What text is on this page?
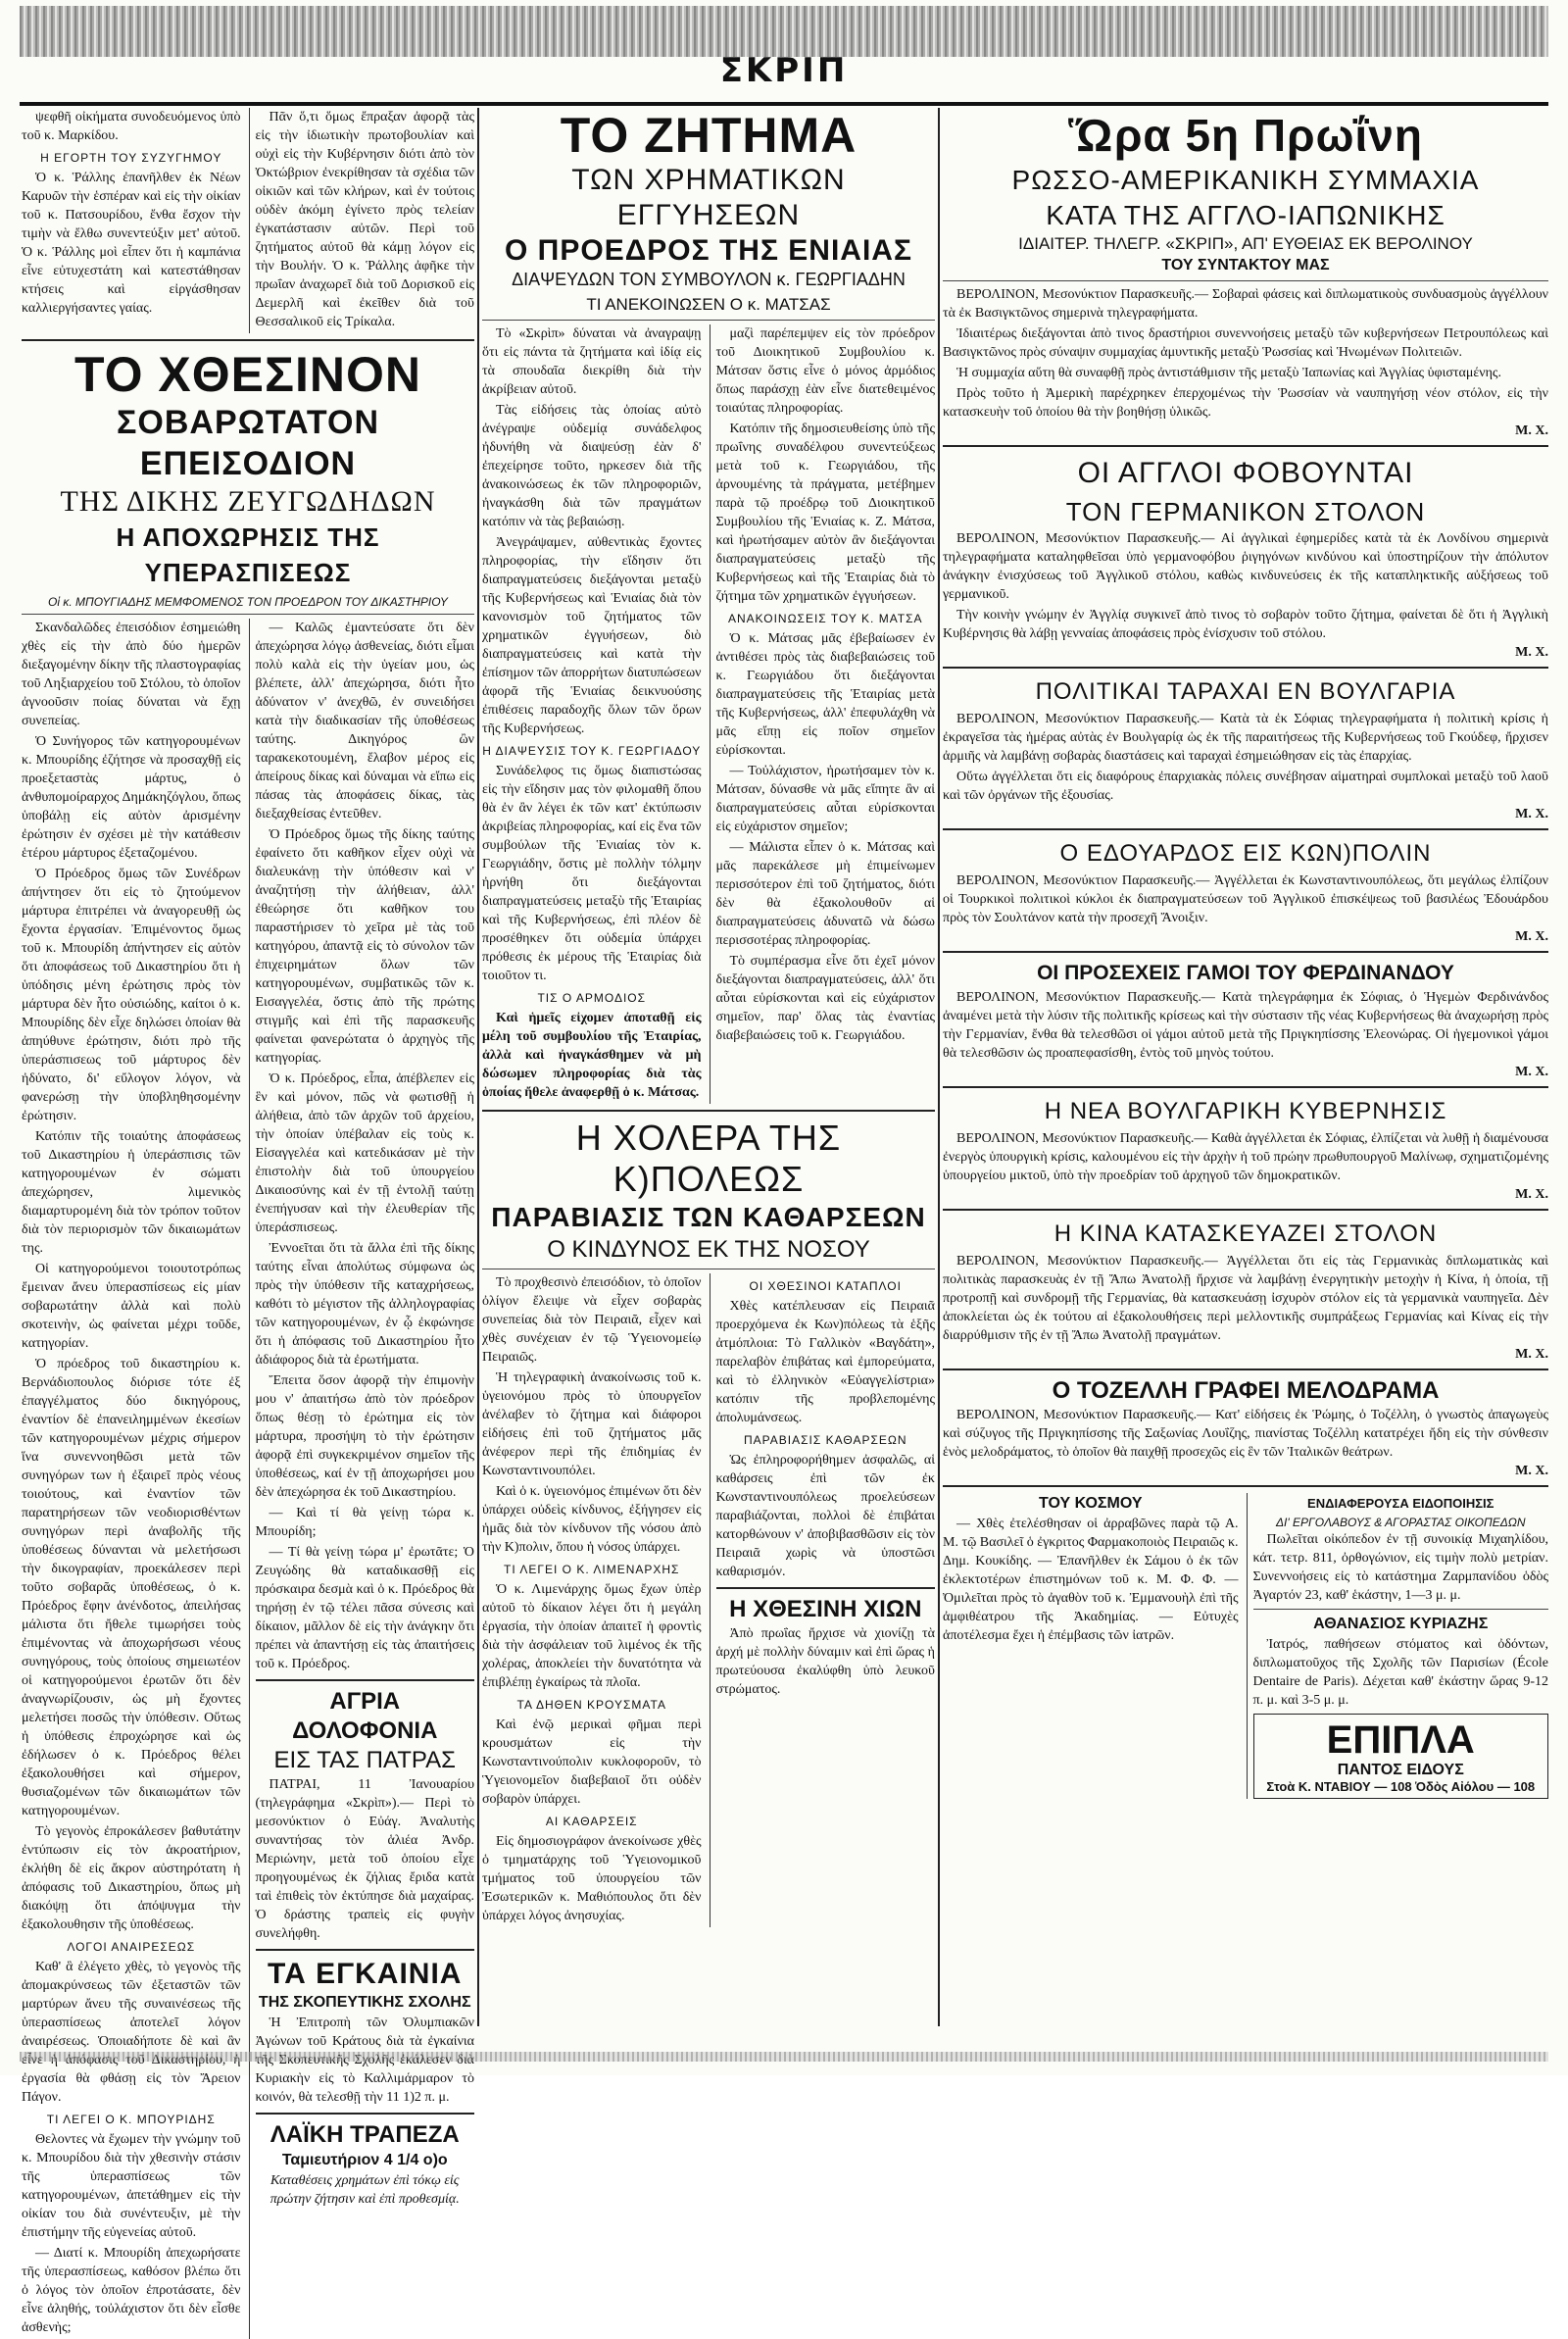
ΣΚΡΙΠ

ψεφθῆ οἰκήματα συνοδευόμενος ὑπὸ τοῦ κ. Μαρκίδου.

Η ΕΓΟΡΤΗ ΤΟΥ ΣΥΖΥΓΗΜΟΥ

Ὁ κ. Ῥάλλης ἐπανῆλθεν ἐκ Νέων Καρυῶν τὴν ἑσπέραν καὶ εἰς τὴν οἰκίαν τοῦ κ. Πατσουρίδου, ἔνθα ἔσχον τὴν τιμὴν νὰ ἔλθω συνεντεύξιν μετ' αὐτοῦ. Ὁ κ. Ῥάλλης μοὶ εἶπεν ὅτι ἡ καμπάνια εἶνε εὐτυχεστάτη καὶ κατεστάθησαν κτήσεις καὶ εἰργάσθησαν καλλιεργήσαντες γαίας.

Πᾶν ὅ,τι ὅμως ἔπραξαν ἀφορᾷ τὰς εἰς τὴν ἰδιωτικὴν πρωτοβουλίαν καὶ οὐχὶ εἰς τὴν Κυβέρνησιν διότι ἀπὸ τὸν Ὀκτώβριον ἐνεκρίθησαν τὰ σχέδια τῶν οἰκιῶν καὶ τῶν κλήρων, καὶ ἐν τούτοις οὐδὲν ἀκόμη ἐγίνετο πρὸς τελείαν ἐγκατάστασιν αὐτῶν. Περὶ τοῦ ζητήματος αὐτοῦ θὰ κάμῃ λόγον εἰς τὴν Βουλήν. Ὁ κ. Ῥάλλης ἀφῆκε τὴν πρωΐαν ἀναχωρεῖ διὰ τοῦ Δορισκοῦ εἰς Δεμερλῆ καὶ ἐκεῖθεν διὰ τοῦ Θεσσαλικοῦ εἰς Τρίκαλα.

ΤΟ ΧΘΕΣΙΝΟΝ
ΣΟΒΑΡΩΤΑΤΟΝ ΕΠΕΙΣΟΔΙΟΝ
ΤΗΣ ΔΙΚΗΣ ΖΕΥΓΩΔΗΔΩΝ
Η ΑΠΟΧΩΡΗΣΙΣ ΤΗΣ ΥΠΕΡΑΣΠΙΣΕΩΣ
Οἱ κ. ΜΠΟΥΓΙΑΔΗΣ ΜΕΜΦΟΜΕΝΟΣ ΤΟΝ ΠΡΟΕΔΡΟΝ ΤΟΥ ΔΙΚΑΣΤΗΡΙΟΥ

Σκανδαλῶδες ἐπεισόδιον ἐσημειώθη χθὲς εἰς τὴν ἀπὸ δύο ἡμερῶν διεξαγομένην δίκην τῆς πλαστογραφίας τοῦ Ληξιαρχείου τοῦ Στόλου, τὸ ὁποῖον ἀγνοοῦσιν ποίας δύναται νὰ ἔχῃ συνεπείας.

Ὁ Συνήγορος τῶν κατηγορουμένων κ. Μπουρίδης ἐζήτησε νὰ προσαχθῇ εἰς προεξεταστὰς μάρτυς, ὁ ἀνθυπομοίραρχος Δημάκηζόγλου, ὅπως ὑποβάλῃ εἰς αὐτὸν ἀρισμένην ἐρώτησιν ἐν σχέσει μὲ τὴν κατάθεσιν ἑτέρου μάρτυρος ἐξεταζομένου.

Ὁ Πρόεδρος ὅμως τῶν Συνέδρων ἀπήντησεν ὅτι εἰς τὸ ζητούμενον μάρτυρα ἐπιτρέπει νὰ ἀναγορευθῇ ὡς ἔχοντα ἐργασίαν. Ἐπιμένοντος ὅμως τοῦ κ. Μπουρίδη ἀπήντησεν εἰς αὐτὸν ὅτι ἀποφάσεως τοῦ Δικαστηρίου ὅτι ἡ ὑπόδησις μένη ἐρώτησις πρὸς τὸν μάρτυρα δὲν ἦτο οὐσιώδης, καίτοι ὁ κ. Μπουρίδης δὲν εἶχε δηλώσει ὁποίαν θὰ ἀπηύθυνε ἐρώτησιν, διότι πρὸ τῆς ὑπεράσπισεως τοῦ μάρτυρος δὲν ἠδύνατο, δι' εὔλογον λόγον, νὰ φανερώσῃ τὴν ὑποβληθησομένην ἐρώτησιν.

Κατόπιν τῆς τοιαύτης ἀποφάσεως τοῦ Δικαστηρίου ἡ ὑπεράσπισις τῶν κατηγορουμένων ἐν σώματι ἀπεχώρησεν, λιμενικὸς διαμαρτυρομένη διὰ τὸν τρόπον τοῦτον διὰ τὸν περιορισμὸν τῶν δικαιωμάτων της.

Οἱ κατηγορούμενοι τοιουτοτρόπως ἔμειναν ἄνευ ὑπερασπίσεως εἰς μίαν σοβαρωτάτην ἀλλὰ καὶ πολὺ σκοτεινὴν, ὡς φαίνεται μέχρι τοῦδε, κατηγορίαν.

Ὁ πρόεδρος τοῦ δικαστηρίου κ. Βερνάδιοπουλος διόρισε τότε ἐξ ἐπαγγέλματος δύο δικηγόρους, ἐναντίον δὲ ἐπανειλημμένων ἐκεσίων τῶν κατηγορουμένων μέχρις σήμερον ἵνα συνεννοηθῶσι μετὰ τῶν συνηγόρων των ἡ ἐξαιρεῖ πρὸς νέους τοιούτους, καὶ ἐναντίον τῶν παρατηρήσεων τῶν νεοδιορισθέντων συνηγόρων περὶ ἀναβολῆς τῆς ὑποθέσεως δύνανται νὰ μελετήσωσι τὴν δικογραφίαν, προεκάλεσεν περὶ τοῦτο σοβαρᾶς ὑποθέσεως, ὁ κ. Πρόεδρος ἔφην ἀνένδοτος, ἀπειλήσας μάλιστα ὅτι ἤθελε τιμωρήσει τοὺς ἐπιμένοντας νὰ ἀποχωρήσωσι νέους συνηγόρους, τοὺς ὁποίους σημειωτέον οἱ κατηγορούμενοι ἐρωτῶν ὅτι δὲν ἀναγνωρίζουσιν, ὡς μὴ ἔχοντες μελετήσει ποσῶς τὴν ὑπόθεσιν. Οὕτως ἡ ὑπόθεσις ἐπροχώρησε καὶ ὡς ἐδήλωσεν ὁ κ. Πρόεδρος θέλει ἐξακολουθήσει καὶ σήμερον, θυσιαζομένων τῶν δικαιωμάτων τῶν κατηγορουμένων.

Τὸ γεγονὸς ἐπροκάλεσεν βαθυτάτην ἐντύπωσιν εἰς τὸν ἀκροατήριον, ἐκλήθη δὲ εἰς ἄκρον αὐστηρότατη ἡ ἀπόφασις τοῦ Δικαστηρίου, ὅπως μὴ διακόψῃ ὅτι ἀπόψυγμα τὴν ἐξακολουθησιν τῆς ὑποθέσεως.

ΛΟΓΟΙ ΑΝΑΙΡΕΣΕΩΣ

Καθ' ἃ ἐλέγετο χθὲς, τὸ γεγονὸς τῆς ἀπομακρύνσεως τῶν ἐξεταστῶν τῶν μαρτύρων ἄνευ τῆς συναινέσεως τῆς ὑπερασπίσεως ἀποτελεῖ λόγον ἀναιρέσεως. Ὁποιαδήποτε δὲ καὶ ἂν εἶνε ἡ ἀπόφασις τοῦ Δικαστηρίου, ἡ ἐργασία θὰ φθάσῃ εἰς τὸν Ἄρειον Πάγον.

ΤΙ ΛΕΓΕΙ Ο Κ. ΜΠΟΥΡΙΔΗΣ

Θελοντες νὰ ἔχωμεν τὴν γνώμην τοῦ κ. Μπουρίδου διὰ τὴν χθεσινὴν στάσιν τῆς ὑπερασπίσεως τῶν κατηγορουμένων, ἀπετάθημεν εἰς τὴν οἰκίαν του διὰ συνέντευξιν, μὲ τὴν ἐπιστήμην τῆς εὐγενείας αὐτοῦ.

— Διατί κ. Μπουρίδη ἀπεχωρήσατε τῆς ὑπερασπίσεως, καθόσον βλέπω ὅτι ὁ λόγος τὸν ὁποῖον ἐπροτάσατε, δὲν εἶνε ἀληθής, τοὐλάχιστον ὅτι δὲν εἶσθε ἀσθενὴς;

— Καλῶς ἐμαντεύσατε ὅτι δὲν ἀπεχώρησα λόγῳ ἀσθενείας, διότι εἶμαι πολὺ καλὰ εἰς τὴν ὑγείαν μου, ὡς βλέπετε, ἀλλ' ἀπεχώρησα, διότι ἦτο ἀδύνατον ν' ἀνεχθῶ, ἐν συνειδήσει κατὰ τὴν διαδικασίαν τῆς ὑποθέσεως ταύτης. Δικηγόρος ὢν ταρακεκοτουμένη, ἔλαβον μέρος εἰς ἀπείρους δίκας καὶ δύναμαι νὰ εἴπω εἰς πάσας τὰς ἀποφάσεις δίκας, τὰς διεξαχθείσας ἐντεῦθεν.

Ὁ Πρόεδρος ὅμως τῆς δίκης ταύτης ἐφαίνετο ὅτι καθῆκον εἶχεν οὐχὶ νὰ διαλευκάνῃ τὴν ὑπόθεσιν καὶ ν' ἀναζητήσῃ τὴν ἀλήθειαν, ἀλλ' ἐθεώρησε ὅτι καθῆκον του παραστήρισεν τὸ χεῖρα μὲ τὰς τοῦ κατηγόρου, ἀπαντᾷ εἰς τὸ σύνολον τῶν ἐπιχειρημάτων ὅλων τῶν κατηγορουμένων, συμβατικῶς τῶν κ. Εισαγγελέα, ὅστις ἀπὸ τῆς πρώτης στιγμῆς καὶ ἐπὶ τῆς παρασκευῆς φαίνεται φανερώτατα ὁ ἀρχηγὸς τῆς κατηγορίας.

Ὁ κ. Πρόεδρος, εἶπα, ἀπέβλεπεν εἰς ἓν καὶ μόνον, πῶς νὰ φωτισθῇ ἡ ἀλήθεια, ἀπὸ τῶν ἀρχῶν τοῦ ἀρχείου, τὴν ὁποίαν ὑπέβαλαν εἰς τοὺς κ. Εἰσαγγελέα καὶ κατεδικάσαν μὲ τὴν ἐπιστολὴν διὰ τοῦ ὑπουργείου Δικαιοσύνης καὶ ἐν τῇ ἐντολῇ ταύτῃ ἐνεπήγυσαν καὶ τὴν ἐλευθερίαν τῆς ὑπεράσπισεως.

Ἐννοεῖται ὅτι τὰ ἄλλα ἐπὶ τῆς δίκης ταύτης εἶναι ἀπολύτως σύμφωνα ὡς πρὸς τὴν ὑπόθεσιν τῆς καταχρήσεως, καθότι τὸ μέγιστον τῆς ἀλληλογραφίας τῶν κατηγορουμένων, ἐν ᾧ ἐκφώνησε ὅτι ἡ ἀπόφασις τοῦ Δικαστηρίου ἦτο ἀδιάφορος διὰ τὰ ἐρωτήματα.

Ἔπειτα ὅσον ἀφορᾷ τὴν ἐπιμονὴν μου ν' ἀπαιτήσω ἀπὸ τὸν πρόεδρον ὅπως θέσῃ τὸ ἐρώτημα εἰς τὸν μάρτυρα, προσήψη τὸ τὴν ἐρώτησιν ἀφορᾷ ἐπὶ συγκεκριμένον σημεῖον τῆς ὑποθέσεως, καί ἐν τῇ ἀποχωρήσει μου δὲν ἀπεχώρησα ἐκ τοῦ Δικαστηρίου.

— Καὶ τί θὰ γείνῃ τώρα κ. Μπουρίδη;

— Τί θὰ γείνῃ τώρα μ' ἐρωτᾶτε; Ὁ Ζευγώδης θὰ καταδικασθῇ εἰς πρόσκαιρα δεσμὰ καὶ ὁ κ. Πρόεδρος θὰ τηρήσῃ ἐν τῷ τέλει πᾶσα σύνεσις καὶ δίκαιον, μᾶλλον δὲ εἰς τὴν ἀνάγκην ὅτι πρέπει νὰ ἀπαντήσῃ εἰς τὰς ἀπαιτήσεις τοῦ κ. Πρόεδρος.

ΑΓΡΙΑ ΔΟΛΟΦΟΝΙΑ
ΕΙΣ ΤΑΣ ΠΑΤΡΑΣ

ΠΑΤΡΑΙ, 11 Ἰανουαρίου (τηλεγράφημα «Σκρὶπ»).— Περὶ τὸ μεσονύκτιον ὁ Εὐάγ. Ἀναλυτὴς συναντήσας τὸν ἁλιέα Ἀνδρ. Μεριώνην, μετὰ τοῦ ὁποίου εἶχε προηγουμένως ἐκ ζήλιας ἔριδα κατὰ ταὶ ἐπιθεὶς τὸν ἐκτύπησε διὰ μαχαίρας. Ὁ δράστης τραπεὶς εἰς φυγὴν συνελήφθη.

ΤΑ ΕΓΚΑΙΝΙΑ
ΤΗΣ ΣΚΟΠΕΥΤΙΚΗΣ ΣΧΟΛΗΣ

Ἡ Ἐπιτροπὴ τῶν Ὀλυμπιακῶν Ἀγώνων τοῦ Κράτους διὰ τὰ ἐγκαίνια τῆς Σκοπευτικῆς Σχολῆς ἐκάλεσεν διὰ Κυριακὴν εἰς τὸ Καλλιμάρμαρον τὸ κοινόν, θὰ τελεσθῇ τὴν 11 1)2 π. μ.

ΛΑΪΚΗ ΤΡΑΠΕΖΑ
Ταμιευτήριον 4 1/4 ο)ο

Καταθέσεις χρημάτων ἐπὶ τόκῳ εἰς πρώτην ζήτησιν καὶ ἐπὶ προθεσμίᾳ.

ΤΟ ΖΗΤΗΜΑ
ΤΩΝ ΧΡΗΜΑΤΙΚΩΝ ΕΓΓΥΗΣΕΩΝ
Ο ΠΡΟΕΔΡΟΣ ΤΗΣ ΕΝΙΑΙΑΣ
ΔΙΑΨΕΥΔΩΝ ΤΟΝ ΣΥΜΒΟΥΛΟΝ κ. ΓΕΩΡΓΙΑΔΗΝ
ΤΙ ΑΝΕΚΟΙΝΩΣΕΝ Ο κ. ΜΑΤΣΑΣ

Τὸ «Σκρὶπ» δύναται νὰ ἀναγραψῃ ὅτι εἰς πάντα τὰ ζητήματα καὶ ἰδίᾳ εἰς τὰ σπουδαῖα διεκρίθη διὰ τὴν ἀκρίβειαν αὐτοῦ.

Τὰς εἰδήσεις τὰς ὁποίας αὐτὸ ἀνέγραψε οὐδεμίᾳ συνάδελφος ἠδυνήθη νὰ διαψεύσῃ ἐὰν δ' ἐπεχείρησε τοῦτο, ηρκεσεν διὰ τῆς ἀνακοινώσεως ἐκ τῶν πληροφοριῶν, ἠναγκάσθη διὰ τῶν πραγμάτων κατόπιν νὰ τὰς βεβαιώσῃ.

Ἀνεγράψαμεν, αὐθεντικὰς ἔχοντες πληροφορίας, τὴν εἴδησιν ὅτι διαπραγματεύσεις διεξάγονται μεταξὺ τῆς Κυβερνήσεως καὶ Ἑνιαίας διὰ τὸν κανονισμὸν τοῦ ζητήματος τῶν χρηματικῶν ἐγγυήσεων, διὸ διαπραγματεύσεις καὶ κατὰ τὴν ἐπίσημον τῶν ἀπορρήτων διατυπώσεων ἀφορᾶ τῆς Ἑνιαίας δεικνυούσης ἐπιθέσεις παραδοχῆς ὅλων τῶν ὅρων τῆς Κυβερνήσεως.

Η ΔΙΑΨΕΥΣΙΣ ΤΟΥ Κ. ΓΕΩΡΓΙΑΔΟΥ

Συνάδελφος τις ὅμως διαπιστώσας εἰς τὴν εἴδησιν μας τὸν φιλομαθῆ ὅπου θὰ ἐν ἂν λέγει ἐκ τῶν κατ' ἐκτύπωσιν ἀκριβείας πληροφορίας, καί εἰς ἕνα τῶν συμβούλων τῆς Ἑνιαίας τὸν κ. Γεωργιάδην, ὅστις μὲ πολλὴν τόλμην ἠρνήθη ὅτι διεξάγονται διαπραγματεύσεις μεταξὺ τῆς Ἑταιρίας καὶ τῆς Κυβερνήσεως, ἐπὶ πλέον δὲ προσέθηκεν ὅτι οὐδεμία ὑπάρχει πρόθεσις ἐκ μέρους τῆς Ἑταιρίας διὰ τοιοῦτον τι.

ΤΙΣ Ο ΑΡΜΟΔΙΟΣ

Καὶ ἡμεῖς εἰχομεν ἀποταθῇ εἰς μέλη τοῦ συμβουλίου τῆς Ἑταιρίας, ἀλλὰ καὶ ἠναγκάσθημεν νὰ μὴ δώσωμεν πληροφορίας διὰ τὰς ὁποίας ἤθελε ἀναφερθῇ ὁ κ. Μάτσας.

μαζὶ παρέπεμψεν εἰς τὸν πρόεδρον τοῦ Διοικητικοῦ Συμβουλίου κ. Μάτσαν ὅστις εἶνε ὁ μόνος ἁρμόδιος ὅπως παράσχῃ ἐὰν εἶνε διατεθειμένος τοιαύτας πληροφορίας.

Κατόπιν τῆς δημοσιευθείσης ὑπὸ τῆς πρωΐνης συναδέλφου συνεντεύξεως μετὰ τοῦ κ. Γεωργιάδου, τῆς ἀρνουμένης τὰ πράγματα, μετέβημεν παρὰ τῷ προέδρῳ τοῦ Διοικητικοῦ Συμβουλίου τῆς Ἑνιαίας κ. Ζ. Μάτσα, καὶ ἠρωτήσαμεν αὐτὸν ἂν διεξάγονται διαπραγματεύσεις μεταξὺ τῆς Κυβερνήσεως καὶ τῆς Ἑταιρίας διὰ τὸ ζήτημα τῶν χρηματικῶν ἐγγυήσεων.

ΑΝΑΚΟΙΝΩΣΕΙΣ ΤΟΥ Κ. ΜΑΤΣΑ

Ὁ κ. Μάτσας μᾶς ἐβεβαίωσεν ἐν ἀντιθέσει πρὸς τὰς διαβεβαιώσεις τοῦ κ. Γεωργιάδου ὅτι διεξάγονται διαπραγματεύσεις τῆς Ἑταιρίας μετὰ τῆς Κυβερνήσεως, ἀλλ' ἐπεφυλάχθη νὰ μᾶς εἴπῃ εἰς ποῖον σημεῖον εὑρίσκονται.

— Τοὐλάχιστον, ἠρωτήσαμεν τὸν κ. Μάτσαν, δύνασθε νὰ μᾶς εἴπητε ἂν αἱ διαπραγματεύσεις αὗται εὑρίσκονται εἰς εὐχάριστον σημεῖον;

— Μάλιστα εἶπεν ὁ κ. Μάτσας καὶ μᾶς παρεκάλεσε μὴ ἐπιμείνωμεν περισσότερον ἐπὶ τοῦ ζητήματος, διότι δὲν θὰ ἐξακολουθοῦν αἱ διαπραγματεύσεις ἀδυνατῶ νὰ δώσω περισσοτέρας πληροφορίας.

Τὸ συμπέρασμα εἶνε ὅτι ἐχεῖ μόνον διεξάγονται διαπραγματεύσεις, ἀλλ' ὅτι αὗται εὑρίσκονται καὶ εἰς εὐχάριστον σημεῖον, παρ' ὅλας τὰς ἐναντίας διαβεβαιώσεις τοῦ κ. Γεωργιάδου.

Η ΧΟΛΕΡΑ ΤΗΣ Κ)ΠΟΛΕΩΣ
ΠΑΡΑΒΙΑΣΙΣ ΤΩΝ ΚΑΘΑΡΣΕΩΝ
Ο ΚΙΝΔΥΝΟΣ ΕΚ ΤΗΣ ΝΟΣΟΥ

Τὸ προχθεσινὸ ἐπεισόδιον, τὸ ὁποῖον ὀλίγον ἔλειψε νὰ εἶχεν σοβαρὰς συνεπείας διὰ τὸν Πειραιᾶ, εἶχεν καὶ χθὲς συνέχειαν ἐν τῷ Ὑγειονομείῳ Πειραιῶς.

Ἡ τηλεγραφικὴ ἀνακοίνωσις τοῦ κ. ὑγειονόμου πρὸς τὸ ὑπουργεῖον ἀνέλαβεν τὸ ζήτημα καὶ διάφοροι εἰδήσεις ἐπὶ τοῦ ζητήματος μᾶς ἀνέφερον περὶ τῆς ἐπιδημίας ἐν Κωνσταντινουπόλει.

Καὶ ὁ κ. ὑγειονόμος ἐπιμένων ὅτι δὲν ὑπάρχει οὐδεὶς κίνδυνος, ἐξήγησεν εἰς ἡμᾶς διὰ τὸν κίνδυνον τῆς νόσου ἀπὸ τὴν Κ)πολιν, ὅπου ἡ νόσος ὑπάρχει.

ΤΙ ΛΕΓΕΙ Ο Κ. ΛΙΜΕΝΑΡΧΗΣ

Ὁ κ. Λιμενάρχης ὅμως ἔχων ὑπὲρ αὐτοῦ τὸ δίκαιον λέγει ὅτι ἡ μεγάλη ἐργασία, τὴν ὁποίαν ἀπαιτεῖ ἡ φροντὶς διὰ τὴν ἀσφάλειαν τοῦ λιμένος ἐκ τῆς χολέρας, ἀποκλείει τὴν δυνατότητα νὰ ἐπιβλέπῃ ἐγκαίρως τὰ πλοῖα.

ΤΑ ΔΗΘΕΝ ΚΡΟΥΣΜΑΤΑ

Καὶ ἐνῷ μερικαὶ φῆμαι περὶ κρουσμάτων εἰς τὴν Κωνσταντινούπολιν κυκλοφοροῦν, τὸ Ὑγειονομεῖον διαβεβαιοῖ ὅτι οὐδὲν σοβαρὸν ὑπάρχει.

ΑΙ ΚΑΘΑΡΣΕΙΣ

Εἰς δημοσιογράφον ἀνεκοίνωσε χθὲς ὁ τμηματάρχης τοῦ Ὑγειονομικοῦ τμήματος τοῦ ὑπουργείου τῶν Ἐσωτερικῶν κ. Μαθιόπουλος ὅτι δὲν ὑπάρχει λόγος ἀνησυχίας.

ΟΙ ΧΘΕΣΙΝΟΙ ΚΑΤΑΠΛΟΙ

Χθὲς κατέπλευσαν εἰς Πειραιᾶ προερχόμενα ἐκ Κων)πόλεως τὰ ἑξῆς ἀτμόπλοια: Τὸ Γαλλικὸν «Βαγδάτη», παρελαβὸν ἐπιβάτας καὶ ἐμπορεύματα, καὶ τὸ ἐλληνικὸν «Εὐαγγελίστρια» κατόπιν τῆς προβλεπομένης ἀπολυμάνσεως.

ΠΑΡΑΒΙΑΣΙΣ ΚΑΘΑΡΣΕΩΝ

Ὡς ἐπληροφορήθημεν ἀσφαλῶς, αἱ καθάρσεις ἐπὶ τῶν ἐκ Κωνσταντινουπόλεως προελεύσεων παραβιάζονται, πολλοὶ δὲ ἐπιβάται κατορθώνουν ν' ἀποβιβασθῶσιν εἰς τὸν Πειραιᾶ χωρὶς νὰ ὑποστῶσι καθαρισμόν.

Η ΧΘΕΣΙΝΗ ΧΙΩΝ

Ἀπὸ πρωΐας ἤρχισε νὰ χιονίζῃ τὰ ἁρχή μὲ πολλὴν δύναμιν καὶ ἐπὶ ὥρας ἡ πρωτεύουσα ἐκαλύφθη ὑπὸ λευκοῦ στρώματος.

Ὥρα 5η Πρωΐνη
ΡΩΣΣΟ-ΑΜΕΡΙΚΑΝΙΚΗ ΣΥΜΜΑΧΙΑ
ΚΑΤΑ ΤΗΣ ΑΓΓΛΟ-ΙΑΠΩΝΙΚΗΣ
ΙΔΙΑΙΤΕΡ. ΤΗΛΕΓΡ. «ΣΚΡΙΠ», ΑΠ' ΕΥΘΕΙΑΣ ΕΚ ΒΕΡΟΛΙΝΟΥ
ΤΟΥ ΣΥΝΤΑΚΤΟΥ ΜΑΣ

ΒΕΡΟΛΙΝΟΝ, Μεσονύκτιον Παρασκευῆς.— Σοβαραὶ φάσεις καὶ διπλωματικοὺς συνδυασμοὺς ἀγγέλλουν τὰ ἐκ Βασιγκτῶνος σημερινὰ τηλεγραφήματα.

Ἰδιαιτέρως διεξάγονται ἀπὸ τινος δραστήριοι συνεννοήσεις μεταξὺ τῶν κυβερνήσεων Πετρουπόλεως καὶ Βασιγκτῶνος πρὸς σύναψιν συμμαχίας ἀμυντικῆς μεταξὺ Ῥωσσίας καὶ Ἡνωμένων Πολιτειῶν.

Ἡ συμμαχία αὕτη θὰ συναφθῇ πρὸς ἀντιστάθμισιν τῆς μεταξὺ Ἰαπωνίας καὶ Ἀγγλίας ὑφισταμένης.

Πρὸς τοῦτο ἡ Ἀμερικὴ παρέχρηκεν ἐπερχομένως τὴν Ῥωσσίαν νὰ ναυπηγήσῃ νέον στόλον, εἰς τὴν κατασκευὴν τοῦ ὁποίου θὰ τὴν βοηθήσῃ ὑλικῶς.

Μ. Χ.
ΟΙ ΑΓΓΛΟΙ ΦΟΒΟΥΝΤΑΙ
ΤΟΝ ΓΕΡΜΑΝΙΚΟΝ ΣΤΟΛΟΝ

ΒΕΡΟΛΙΝΟΝ, Μεσονύκτιον Παρασκευῆς.— Αἱ ἀγγλικαὶ ἐφημερίδες κατὰ τὰ ἐκ Λονδίνου σημερινὰ τηλεγραφήματα καταληφθεῖσαι ὑπὸ γερμανοφόβου ῥιγηγόνων κινδύνου καὶ ὑποστηρίζουν τὴν ἀπόλυτον ἀνάγκην ἐνισχύσεως τοῦ Ἀγγλικοῦ στόλου, καθὼς κινδυνεύσεις ἐκ τῆς καταπληκτικῆς αὐξήσεως τοῦ γερμανικοῦ.

Τὴν κοινὴν γνώμην ἐν Ἀγγλίᾳ συγκινεῖ ἀπὸ τινος τὸ σοβαρὸν τοῦτο ζήτημα, φαίνεται δὲ ὅτι ἡ Ἀγγλικὴ Κυβέρνησις θὰ λάβῃ γενναίας ἀποφάσεις πρὸς ἐνίσχυσιν τοῦ στόλου.

Μ. Χ.
ΠΟΛΙΤΙΚΑΙ ΤΑΡΑΧΑΙ ΕΝ ΒΟΥΛΓΑΡΙΑ

ΒΕΡΟΛΙΝΟΝ, Μεσονύκτιον Παρασκευῆς.— Κατὰ τὰ ἐκ Σόφιας τηλεγραφήματα ἡ πολιτικὴ κρίσις ἡ ἐκραγεῖσα τὰς ἡμέρας αὐτὰς ἐν Βουλγαρίᾳ ὡς ἐκ τῆς παραιτήσεως τῆς Κυβερνήσεως τοῦ Γκούδεφ, ἤρχισεν ἀρμιῆς νὰ λαμβάνῃ σοβαρὰς διαστάσεις καὶ ταραχαὶ ἐσημειώθησαν εἰς τὰς ἐπαρχίας.

Οὕτω ἀγγέλλεται ὅτι εἰς διαφόρους ἐπαρχιακὰς πόλεις συνέβησαν αἱματηραὶ συμπλοκαὶ μεταξὺ τοῦ λαοῦ καὶ τῶν ὀργάνων τῆς ἐξουσίας.

Μ. Χ.
Ο ΕΔΟΥΑΡΔΟΣ ΕΙΣ ΚΩΝ)ΠΟΛΙΝ

ΒΕΡΟΛΙΝΟΝ, Μεσονύκτιον Παρασκευῆς.— Ἀγγέλλεται ἐκ Κωνσταντινουπόλεως, ὅτι μεγάλως ἐλπίζουν οἱ Τουρκικοὶ πολιτικοὶ κύκλοι ἐκ διαπραγματεύσεων τοῦ Ἀγγλικοῦ ἐπισκέψεως τοῦ βασιλέως Ἐδουάρδου πρὸς τὸν Σουλτάνον κατὰ τὴν προσεχῆ Ἄνοιξιν.

Μ. Χ.
ΟΙ ΠΡΟΣΕΧΕΙΣ ΓΑΜΟΙ ΤΟΥ ΦΕΡΔΙΝΑΝΔΟΥ

ΒΕΡΟΛΙΝΟΝ, Μεσονύκτιον Παρασκευῆς.— Κατὰ τηλεγράφημα ἐκ Σόφιας, ὁ Ἡγεμὼν Φερδινάνδος ἀναμένει μετὰ τὴν λύσιν τῆς πολιτικῆς κρίσεως καὶ τὴν σύστασιν τῆς νέας Κυβερνήσεως θὰ ἀναχωρήσῃ πρὸς τὴν Γερμανίαν, ἔνθα θὰ τελεσθῶσι οἱ γάμοι αὐτοῦ μετὰ τῆς Πριγκηπίσσης Ἐλεονώρας. Οἱ ἡγεμονικοὶ γάμοι θὰ τελεσθῶσιν ὡς προαπεφασίσθη, ἐντὸς τοῦ μηνὸς τούτου.

Μ. Χ.
Η ΝΕΑ ΒΟΥΛΓΑΡΙΚΗ ΚΥΒΕΡΝΗΣΙΣ

ΒΕΡΟΛΙΝΟΝ, Μεσονύκτιον Παρασκευῆς.— Καθὰ ἀγγέλλεται ἐκ Σόφιας, ἐλπίζεται νὰ λυθῇ ἡ διαμένουσα ἐνεργὸς ὑπουργικὴ κρίσις, καλουμένου εἰς τὴν ἀρχὴν ἡ τοῦ πρώην πρωθυπουργοῦ Μαλίνωφ, σχηματιζομένης ὑπουργείου μικτοῦ, ὑπὸ τὴν προεδρίαν τοῦ ἀρχηγοῦ τῶν δημοκρατικῶν.

Μ. Χ.
Η ΚΙΝΑ ΚΑΤΑΣΚΕΥΑΖΕΙ ΣΤΟΛΟΝ

ΒΕΡΟΛΙΝΟΝ, Μεσονύκτιον Παρασκευῆς.— Ἀγγέλλεται ὅτι εἰς τὰς Γερμανικὰς διπλωματικὰς καὶ πολιτικὰς παρασκευὰς ἐν τῇ Ἄπω Ἀνατολῇ ἤρχισε νὰ λαμβάνῃ ἐνεργητικὴν μετοχὴν ἡ Κίνα, ἡ ὁποία, τῇ προτροπῇ καὶ συνδρομῇ τῆς Γερμανίας, θὰ κατασκευάσῃ ἰσχυρὸν στόλον εἰς τὰ γερμανικὰ ναυπηγεῖα. Δὲν ἀποκλείεται ὡς ἐκ τούτου αἱ ἐξακολουθήσεις περὶ μελλοντικῆς συμπράξεως Γερμανίας καὶ Κίνας εἰς τὴν διαρρύθμισιν τῆς ἐν τῇ Ἄπω Ἀνατολῇ πραγμάτων.

Μ. Χ.
Ο ΤΟΖΕΛΛΗ ΓΡΑΦΕΙ ΜΕΛΟΔΡΑΜΑ

ΒΕΡΟΛΙΝΟΝ, Μεσονύκτιον Παρασκευῆς.— Κατ' εἰδήσεις ἐκ Ῥώμης, ὁ Τοζέλλη, ὁ γνωστὸς ἀπαγωγεὺς καὶ σύζυγος τῆς Πριγκηπίσσης τῆς Σαξωνίας Λουΐζης, πιανίστας Τοζέλλη κατατρέχει ἤδη εἰς τὴν σύνθεσιν ἑνὸς μελοδράματος, τὸ ὁποῖον θὰ παιχθῇ προσεχῶς εἰς ἓν τῶν Ἰταλικῶν θεάτρων.

Μ. Χ.
ΤΟΥ ΚΟΣΜΟΥ

— Χθὲς ἐτελέσθησαν οἱ ἀρραβῶνες παρὰ τῷ Α. Μ. τῷ Βασιλεῖ ὁ ἐγκριτος Φαρμακοποιὸς Πειραιῶς κ. Δημ. Κουκίδης. — Ἐπανῆλθεν ἐκ Σάμου ὁ ἐκ τῶν ἐκλεκτοτέρων ἐπιστημόνων τοῦ κ. Μ. Φ. Φ. — Ὀμιλεῖται πρὸς τὸ ἀγαθὸν τοῦ κ. Ἐμμανουὴλ ἐπὶ τῆς ἀμφιθέατρου τῆς Ἀκαδημίας. — Εὐτυχὲς ἀποτέλεσμα ἔχει ἡ ἐπέμβασις τῶν ἰατρῶν.

ΕΝΔΙΑΦΕΡΟΥΣΑ ΕΙΔΟΠΟΙΗΣΙΣ
ΔΙ' ΕΡΓΟΛΑΒΟΥΣ & ΑΓΟΡΑΣΤΑΣ ΟΙΚΟΠΕΔΩΝ

Πωλεῖται οἰκόπεδον ἐν τῇ συνοικίᾳ Μιχαηλίδου, κάτ. τετρ. 811, ὀρθογώνιον, εἰς τιμὴν πολὺ μετρίαν. Συνεννοήσεις εἰς τὸ κατάστημα Ζαρμπανίδου ὁδὸς Ἀγαρτόν 23, καθ' ἑκάστην, 1—3 μ. μ.

ΑΘΑΝΑΣΙΟΣ ΚΥΡΙΑΖΗΣ

Ἰατρός, παθήσεων στόματος καὶ ὀδόντων, διπλωματοῦχος τῆς Σχολῆς τῶν Παρισίων (École Dentaire de Paris). Δέχεται καθ' ἑκάστην ὥρας 9-12 π. μ. καὶ 3-5 μ. μ.

ΕΠΙΠΛΑ
ΠΑΝΤΟΣ ΕΙΔΟΥΣ
Στοὰ Κ. ΝΤΑΒΙΟΥ — 108 Ὁδὸς Αἰόλου — 108
